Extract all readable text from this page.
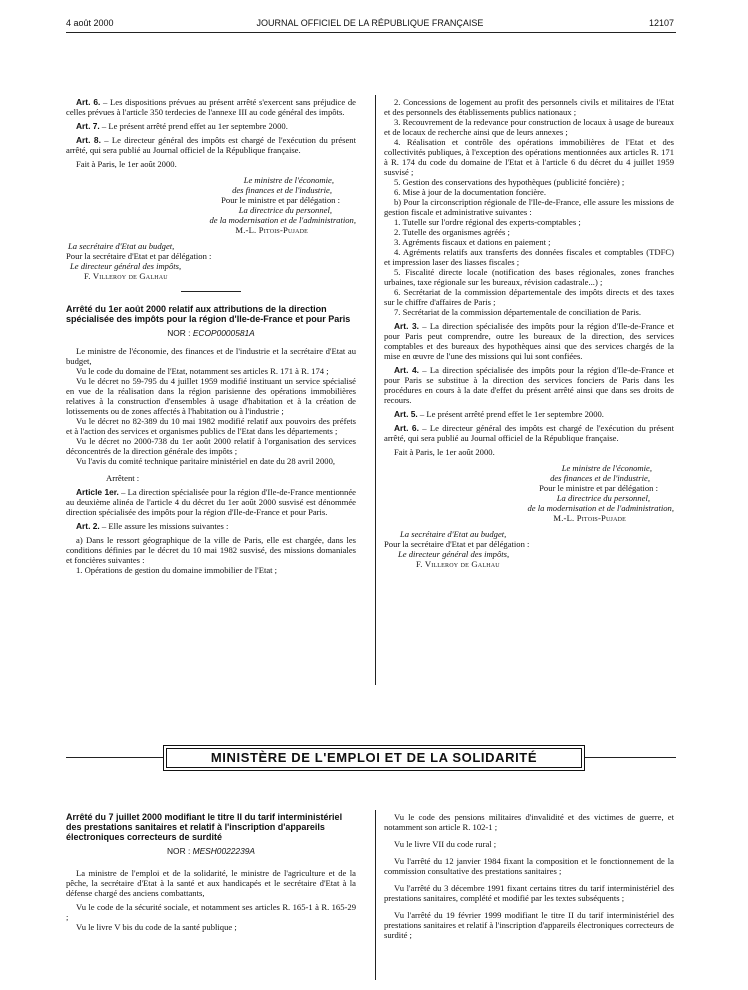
4 août 2000	JOURNAL OFFICIEL DE LA RÉPUBLIQUE FRANÇAISE	12107

Art. 6. – Les dispositions prévues au présent arrêté s'exercent sans préjudice de celles prévues à l'article 350 terdecies de l'annexe III au code général des impôts.

Art. 7. – Le présent arrêté prend effet au 1er septembre 2000.

Art. 8. – Le directeur général des impôts est chargé de l'exécution du présent arrêté, qui sera publié au Journal officiel de la République française.

Fait à Paris, le 1er août 2000.

Le ministre de l'économie,

des finances et de l'industrie,

Pour le ministre et par délégation :

La directrice du personnel,

de la modernisation et de l'administration,

M.-L. Pitois-Pujade

La secrétaire d'Etat au budget,

Pour la secrétaire d'Etat et par délégation :

Le directeur général des impôts,

F. Villeroy de Galhau

Arrêté du 1er août 2000 relatif aux attributions de la direction spécialisée des impôts pour la région d'Ile-de-France et pour Paris

NOR : ECOP0000581A

Le ministre de l'économie, des finances et de l'industrie et la secrétaire d'Etat au budget,

Vu le code du domaine de l'Etat, notamment ses articles R. 171 à R. 174 ;

Vu le décret no 59-795 du 4 juillet 1959 modifié instituant un service spécialisé en vue de la réalisation dans la région parisienne des opérations immobilières relatives à la construction d'ensembles à usage d'habitation et à la création de lotissements ou de zones affectés à l'habitation ou à l'industrie ;

Vu le décret no 82-389 du 10 mai 1982 modifié relatif aux pouvoirs des préfets et à l'action des services et organismes publics de l'Etat dans les départements ;

Vu le décret no 2000-738 du 1er août 2000 relatif à l'organisation des services déconcentrés de la direction générale des impôts ;

Vu l'avis du comité technique paritaire ministériel en date du 28 avril 2000,

Arrêtent :

Article 1er. – La direction spécialisée pour la région d'Ile-de-France mentionnée au deuxième alinéa de l'article 4 du décret du 1er août 2000 susvisé est dénommée direction spécialisée des impôts pour la région d'Ile-de-France et pour Paris.

Art. 2. – Elle assure les missions suivantes :

a) Dans le ressort géographique de la ville de Paris, elle est chargée, dans les conditions définies par le décret du 10 mai 1982 susvisé, des missions domaniales et foncières suivantes :

1. Opérations de gestion du domaine immobilier de l'Etat ;

2. Concessions de logement au profit des personnels civils et militaires de l'Etat et des personnels des établissements publics nationaux ;

3. Recouvrement de la redevance pour construction de locaux à usage de bureaux et de locaux de recherche ainsi que de leurs annexes ;

4. Réalisation et contrôle des opérations immobilières de l'Etat et des collectivités publiques, à l'exception des opérations mentionnées aux articles R. 171 à R. 174 du code du domaine de l'Etat et à l'article 6 du décret du 4 juillet 1959 susvisé ;

5. Gestion des conservations des hypothèques (publicité foncière) ;

6. Mise à jour de la documentation foncière.

b) Pour la circonscription régionale de l'Ile-de-France, elle assure les missions de gestion fiscale et administrative suivantes :

1. Tutelle sur l'ordre régional des experts-comptables ;

2. Tutelle des organismes agréés ;

3. Agréments fiscaux et dations en paiement ;

4. Agréments relatifs aux transferts des données fiscales et comptables (TDFC) et impression laser des liasses fiscales ;

5. Fiscalité directe locale (notification des bases régionales, zones franches urbaines, taxe régionale sur les bureaux, révision cadastrale...) ;

6. Secrétariat de la commission départementale des impôts directs et des taxes sur le chiffre d'affaires de Paris ;

7. Secrétariat de la commission départementale de conciliation de Paris.

Art. 3. – La direction spécialisée des impôts pour la région d'Ile-de-France et pour Paris peut comprendre, outre les bureaux de la direction, des services comptables et des bureaux des hypothèques ainsi que des services chargés de la mise en œuvre de l'une des missions qui lui sont confiées.

Art. 4. – La direction spécialisée des impôts pour la région d'Ile-de-France et pour Paris se substitue à la direction des services fonciers de Paris dans les procédures en cours à la date d'effet du présent arrêté ainsi que dans ses droits de recours.

Art. 5. – Le présent arrêté prend effet le 1er septembre 2000.

Art. 6. – Le directeur général des impôts est chargé de l'exécution du présent arrêté, qui sera publié au Journal officiel de la République française.

Fait à Paris, le 1er août 2000.

Le ministre de l'économie,

des finances et de l'industrie,

Pour le ministre et par délégation :

La directrice du personnel,

de la modernisation et de l'administration,

M.-L. Pitois-Pujade

La secrétaire d'Etat au budget,

Pour la secrétaire d'Etat et par délégation :

Le directeur général des impôts,

F. Villeroy de Galhau

MINISTÈRE DE L'EMPLOI ET DE LA SOLIDARITÉ

Arrêté du 7 juillet 2000 modifiant le titre II du tarif interministériel des prestations sanitaires et relatif à l'inscription d'appareils électroniques correcteurs de surdité

NOR : MESH0022239A

La ministre de l'emploi et de la solidarité, le ministre de l'agriculture et de la pêche, la secrétaire d'Etat à la santé et aux handicapés et le secrétaire d'Etat à la défense chargé des anciens combattants,

Vu le code de la sécurité sociale, et notamment ses articles R. 165-1 à R. 165-29 ;

Vu le livre V bis du code de la santé publique ;

Vu le code des pensions militaires d'invalidité et des victimes de guerre, et notamment son article R. 102-1 ;

Vu le livre VII du code rural ;

Vu l'arrêté du 12 janvier 1984 fixant la composition et le fonctionnement de la commission consultative des prestations sanitaires ;

Vu l'arrêté du 3 décembre 1991 fixant certains titres du tarif interministériel des prestations sanitaires, complété et modifié par les textes subséquents ;

Vu l'arrêté du 19 février 1999 modifiant le titre II du tarif interministériel des prestations sanitaires et relatif à l'inscription d'appareils électroniques correcteurs de surdité ;
